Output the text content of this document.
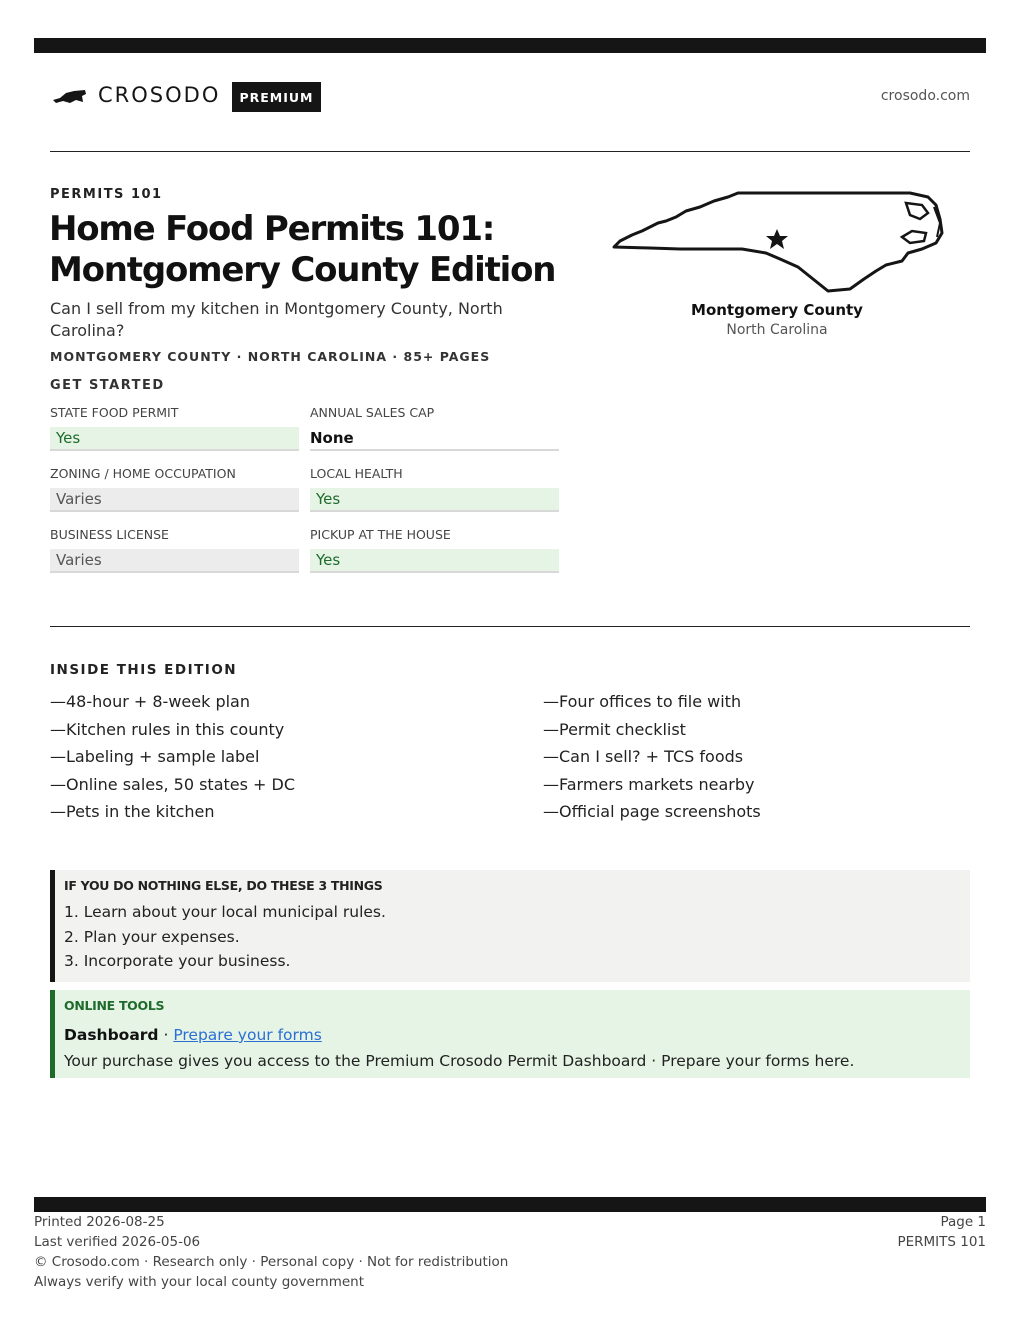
CROSODO	PREMIUM	crosodo.com
PERMITS 101
Home Food Permits 101:
Montgomery County Edition
Can I sell from my kitchen in Montgomery County, North Carolina?
MONTGOMERY COUNTY · NORTH CAROLINA · 85+ PAGES
Montgomery County
North Carolina
GET STARTED
STATE FOOD PERMIT
Yes
ANNUAL SALES CAP
None
ZONING / HOME OCCUPATION
Varies
LOCAL HEALTH
Yes
BUSINESS LICENSE
Varies
PICKUP AT THE HOUSE
Yes
INSIDE THIS EDITION
—48-hour + 8-week plan
—Kitchen rules in this county
—Labeling + sample label
—Online sales, 50 states + DC
—Pets in the kitchen
—Four offices to file with
—Permit checklist
—Can I sell? + TCS foods
—Farmers markets nearby
—Official page screenshots
IF YOU DO NOTHING ELSE, DO THESE 3 THINGS
1. Learn about your local municipal rules.
2. Plan your expenses.
3. Incorporate your business.
ONLINE TOOLS
Dashboard · Prepare your forms
Your purchase gives you access to the Premium Crosodo Permit Dashboard · Prepare your forms here.
Printed 2026-08-25
Last verified 2026-05-06
© Crosodo.com · Research only · Personal copy · Not for redistribution
Always verify with your local county government
Page 1
PERMITS 101
